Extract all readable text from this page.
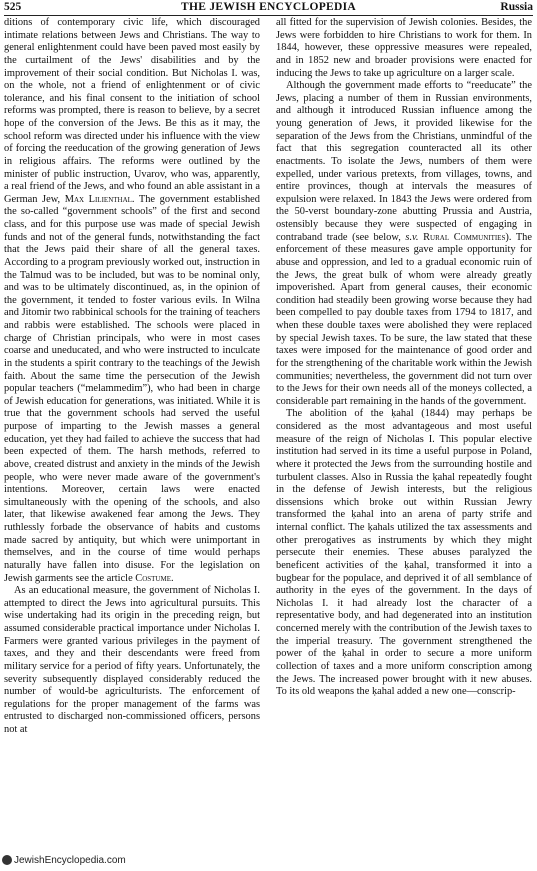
525	THE JEWISH ENCYCLOPEDIA	Russia

ditions of contemporary civic life, which discouraged intimate relations between Jews and Christians. The way to general enlightenment could have been paved most easily by the curtailment of the Jews' disabilities and by the improvement of their social condition. But Nicholas I. was, on the whole, not a friend of enlightenment or of civic tolerance, and his final consent to the initiation of school reforms was prompted, there is reason to believe, by a secret hope of the conversion of the Jews. Be this as it may, the school reform was directed under his influence with the view of forcing the reeducation of the growing generation of Jews in religious affairs. The reforms were outlined by the minister of public instruction, Uvarov, who was, apparently, a real friend of the Jews, and who found an able assistant in a German Jew, Max Lilienthal. The government established the so-called “government schools” of the first and second class, and for this purpose use was made of special Jewish funds and not of the general funds, notwithstanding the fact that the Jews paid their share of all the general taxes. According to a program previously worked out, instruction in the Talmud was to be included, but was to be nominal only, and was to be ultimately discontinued, as, in the opinion of the government, it tended to foster various evils. In Wilna and Jitomir two rabbinical schools for the training of teachers and rabbis were established. The schools were placed in charge of Christian principals, who were in most cases coarse and uneducated, and who were instructed to inculcate in the students a spirit contrary to the teachings of the Jewish faith. About the same time the persecution of the Jewish popular teachers (“melammedim”), who had been in charge of Jewish education for generations, was initiated. While it is true that the government schools had served the useful purpose of imparting to the Jewish masses a general education, yet they had failed to achieve the success that had been expected of them. The harsh methods, referred to above, created distrust and anxiety in the minds of the Jewish people, who were never made aware of the government's intentions. Moreover, certain laws were enacted simultaneously with the opening of the schools, and also later, that likewise awakened fear among the Jews. They ruthlessly forbade the observance of habits and customs made sacred by antiquity, but which were unimportant in themselves, and in the course of time would perhaps naturally have fallen into disuse. For the legislation on Jewish garments see the article Costume.

As an educational measure, the government of Nicholas I. attempted to direct the Jews into agricultural pursuits. This wise undertaking had its origin in the preceding reign, but assumed considerable practical importance under Nicholas I. Farmers were granted various privileges in the payment of taxes, and they and their descendants were freed from military service for a period of fifty years. Unfortunately, the severity subsequently displayed considerably reduced the number of would-be agriculturists. The enforcement of regulations for the proper management of the farms was entrusted to discharged non-commissioned officers, persons not at

all fitted for the supervision of Jewish colonies. Besides, the Jews were forbidden to hire Christians to work for them. In 1844, however, these oppressive measures were repealed, and in 1852 new and broader provisions were enacted for inducing the Jews to take up agriculture on a larger scale.

Although the government made efforts to “reeducate” the Jews, placing a number of them in Russian environments, and although it introduced Russian influence among the young generation of Jews, it provided likewise for the separation of the Jews from the Christians, unmindful of the fact that this segregation counteracted all its other enactments. To isolate the Jews, numbers of them were expelled, under various pretexts, from villages, towns, and entire provinces, though at intervals the measures of expulsion were relaxed. In 1843 the Jews were ordered from the 50-verst boundary-zone abutting Prussia and Austria, ostensibly because they were suspected of engaging in contraband trade (see below, s.v. Rural Communities). The enforcement of these measures gave ample opportunity for abuse and oppression, and led to a gradual economic ruin of the Jews, the great bulk of whom were already greatly impoverished. Apart from general causes, their economic condition had steadily been growing worse because they had been compelled to pay double taxes from 1794 to 1817, and when these double taxes were abolished they were replaced by special Jewish taxes. To be sure, the law stated that these taxes were imposed for the maintenance of good order and for the strengthening of the charitable work within the Jewish communities; nevertheless, the government did not turn over to the Jews for their own needs all of the moneys collected, a considerable part remaining in the hands of the government.

The abolition of the ḳahal (1844) may perhaps be considered as the most advantageous and most useful measure of the reign of Nicholas I. This popular elective institution had served in its time a useful purpose in Poland, where it protected the Jews from the surrounding hostile and turbulent classes. Also in Russia the ḳahal repeatedly fought in the defense of Jewish interests, but the religious dissensions which broke out within Russian Jewry transformed the ḳahal into an arena of party strife and internal conflict. The ḳahals utilized the tax assessments and other prerogatives as instruments by which they might persecute their enemies. These abuses paralyzed the beneficent activities of the ḳahal, transformed it into a bugbear for the populace, and deprived it of all semblance of authority in the eyes of the government. In the days of Nicholas I. it had already lost the character of a representative body, and had degenerated into an institution concerned merely with the contribution of the Jewish taxes to the imperial treasury. The government strengthened the power of the ḳahal in order to secure a more uniform collection of taxes and a more uniform conscription among the Jews. The increased power brought with it new abuses. To its old weapons the ḳahal added a new one—conscrip-

JewishEncyclopedia.com
